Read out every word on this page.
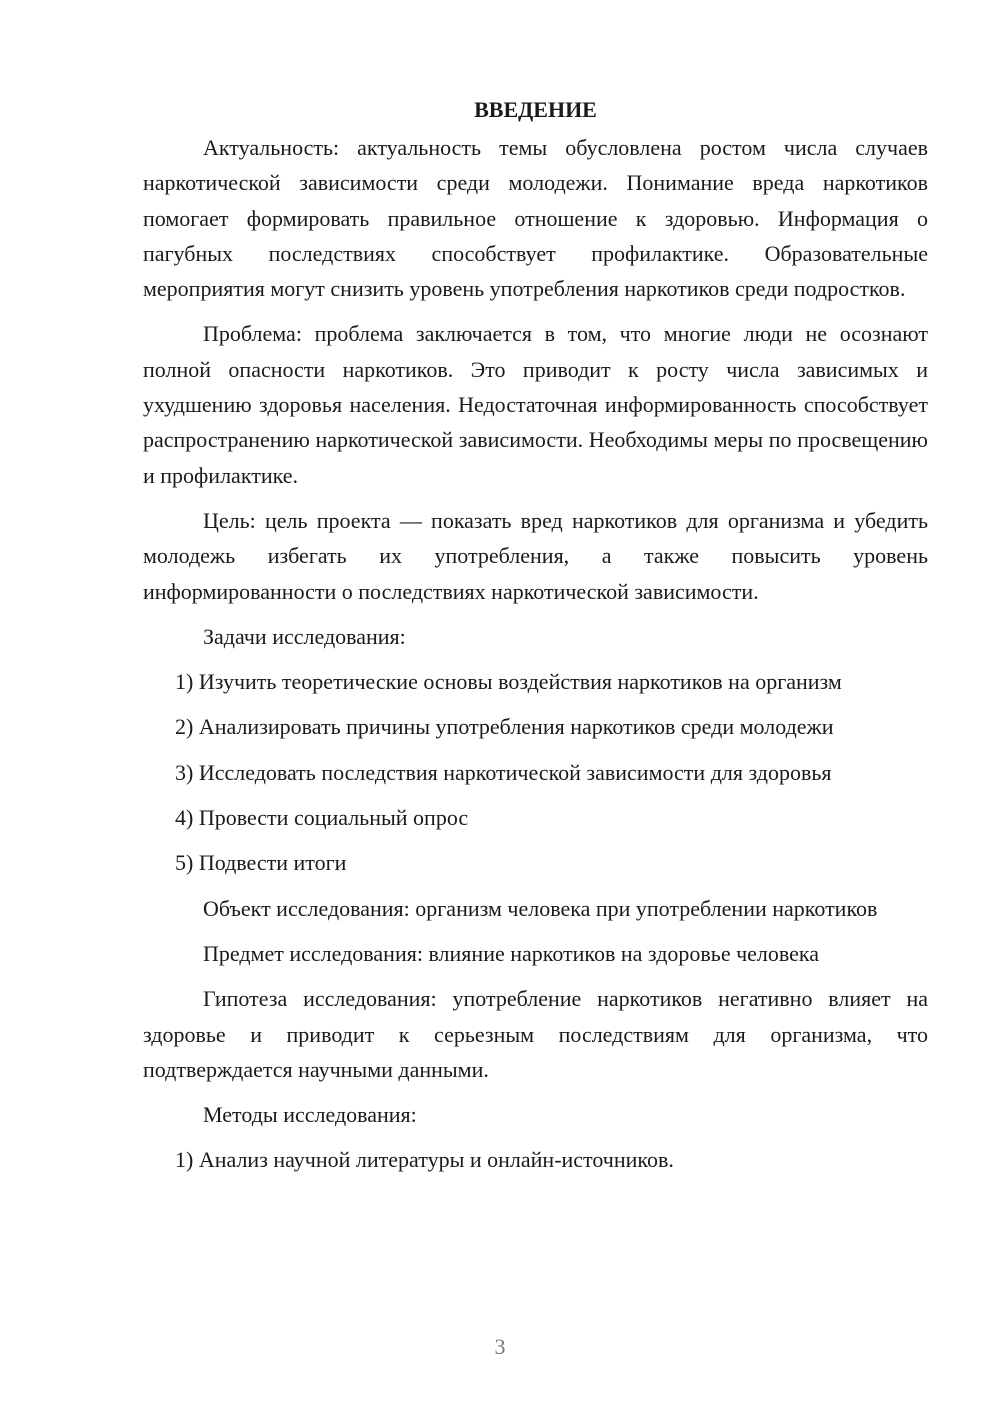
ВВЕДЕНИЕ

Актуальность: актуальность темы обусловлена ростом числа случаев наркотической зависимости среди молодежи. Понимание вреда наркотиков помогает формировать правильное отношение к здоровью. Информация о пагубных последствиях способствует профилактике. Образовательные мероприятия могут снизить уровень употребления наркотиков среди подростков.

Проблема: проблема заключается в том, что многие люди не осознают полной опасности наркотиков. Это приводит к росту числа зависимых и ухудшению здоровья населения. Недостаточная информированность способствует распространению наркотической зависимости. Необходимы меры по просвещению и профилактике.

Цель: цель проекта — показать вред наркотиков для организма и убедить молодежь избегать их употребления, а также повысить уровень информированности о последствиях наркотической зависимости.

Задачи исследования:

1) Изучить теоретические основы воздействия наркотиков на организм

2) Анализировать причины употребления наркотиков среди молодежи

3) Исследовать последствия наркотической зависимости для здоровья

4) Провести социальный опрос

5) Подвести итоги

Объект исследования: организм человека при употреблении наркотиков

Предмет исследования: влияние наркотиков на здоровье человека

Гипотеза исследования: употребление наркотиков негативно влияет на здоровье и приводит к серьезным последствиям для организма, что подтверждается научными данными.

Методы исследования:

1) Анализ научной литературы и онлайн-источников.

3
